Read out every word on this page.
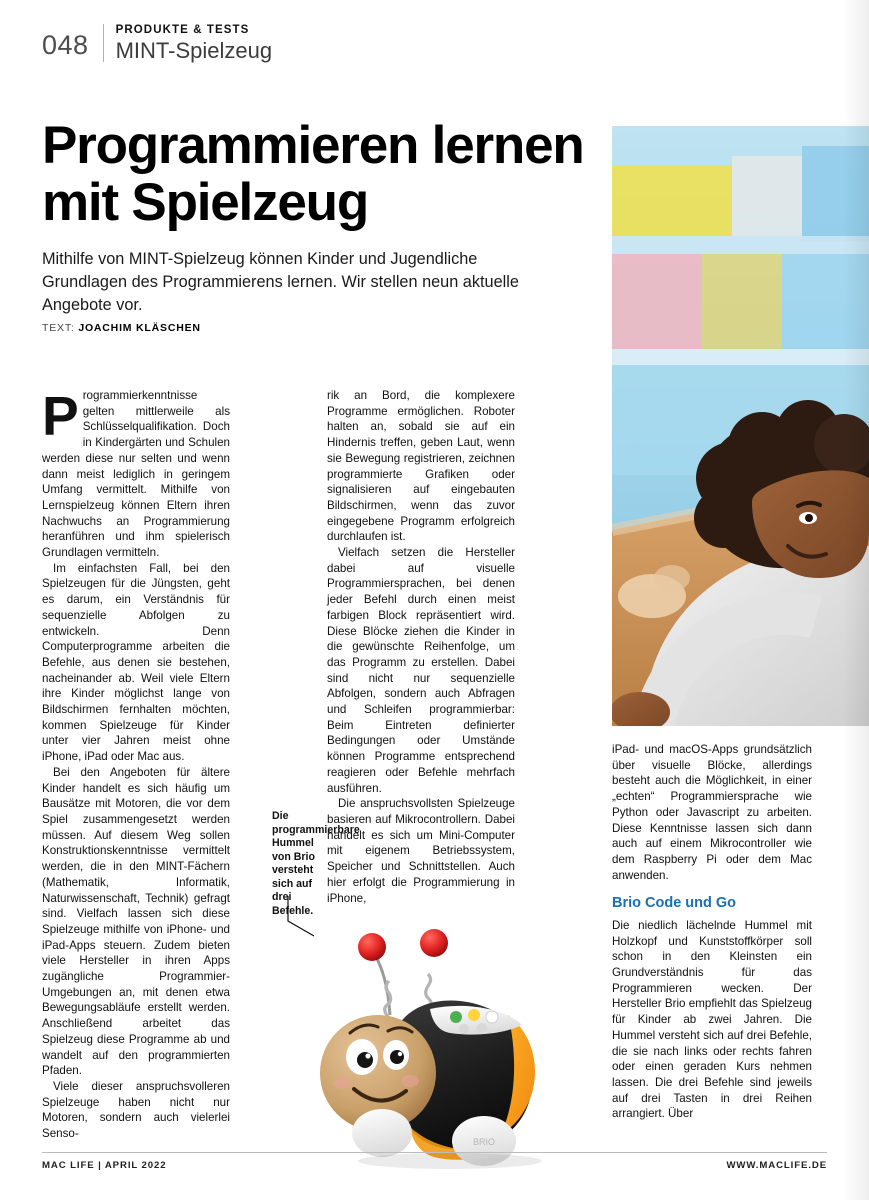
048	PRODUKTE & TESTS
MINT-Spielzeug
Programmieren lernen mit Spielzeug
Mithilfe von MINT-Spielzeug können Kinder und Jugendliche Grundlagen des Programmierens lernen. Wir stellen neun aktuelle Angebote vor.
TEXT: JOACHIM KLÄSCHEN

Programmierkenntnisse gelten mittlerweile als Schlüsselqualifikation. Doch in Kindergärten und Schulen werden diese nur selten und wenn dann meist lediglich in geringem Umfang vermittelt. Mithilfe von Lernspielzeug können Eltern ihren Nachwuchs an Programmierung heranführen und ihm spielerisch Grundlagen vermitteln.

Im einfachsten Fall, bei den Spielzeugen für die Jüngsten, geht es darum, ein Verständnis für sequenzielle Abfolgen zu entwickeln. Denn Computerprogramme arbeiten die Befehle, aus denen sie bestehen, nacheinander ab. Weil viele Eltern ihre Kinder möglichst lange von Bildschirmen fernhalten möchten, kommen Spielzeuge für Kinder unter vier Jahren meist ohne iPhone, iPad oder Mac aus.

Bei den Angeboten für ältere Kinder handelt es sich häufig um Bausätze mit Motoren, die vor dem Spiel zusammengesetzt werden müssen. Auf diesem Weg sollen Konstruktionskenntnisse vermittelt werden, die in den MINT-Fächern (Mathematik, Informatik, Naturwissenschaft, Technik) gefragt sind. Vielfach lassen sich diese Spielzeuge mithilfe von iPhone- und iPad-Apps steuern. Zudem bieten viele Hersteller in ihren Apps zugängliche Programmier-Umgebungen an, mit denen etwa Bewegungsabläufe erstellt werden. Anschließend arbeitet das Spielzeug diese Programme ab und wandelt auf den programmierten Pfaden.

Viele dieser anspruchsvolleren Spielzeuge haben nicht nur Motoren, sondern auch vielerlei Senso-

rik an Bord, die komplexere Programme ermöglichen. Roboter halten an, sobald sie auf ein Hindernis treffen, geben Laut, wenn sie Bewegung registrieren, zeichnen programmierte Grafiken oder signalisieren auf eingebauten Bildschirmen, wenn das zuvor eingegebene Programm erfolgreich durchlaufen ist.

Vielfach setzen die Hersteller dabei auf visuelle Programmiersprachen, bei denen jeder Befehl durch einen meist farbigen Block repräsentiert wird. Diese Blöcke ziehen die Kinder in die gewünschte Reihenfolge, um das Programm zu erstellen. Dabei sind nicht nur sequenzielle Abfolgen, sondern auch Abfragen und Schleifen programmierbar: Beim Eintreten definierter Bedingungen oder Umstände können Programme entsprechend reagieren oder Befehle mehrfach ausführen.

Die anspruchsvollsten Spielzeuge basieren auf Mikrocontrollern. Dabei handelt es sich um Mini-Computer mit eigenem Betriebssystem, Speicher und Schnittstellen. Auch hier erfolgt die Programmierung in iPhone,

iPad- und macOS-Apps grundsätzlich über visuelle Blöcke, allerdings besteht auch die Möglichkeit, in einer „echten“ Programmiersprache wie Python oder Javascript zu arbeiten. Diese Kenntnisse lassen sich dann auch auf einem Mikrocontroller wie dem Raspberry Pi oder dem Mac anwenden.

Brio Code und Go

Die niedlich lächelnde Hummel mit Holzkopf und Kunststoffkörper soll schon in den Kleinsten ein Grundverständnis für das Programmieren wecken. Der Hersteller Brio empfiehlt das Spielzeug für Kinder ab zwei Jahren. Die Hummel versteht sich auf drei Befehle, die sie nach links oder rechts fahren oder einen geraden Kurs nehmen lassen. Die drei Befehle sind jeweils auf drei Tasten in drei Reihen arrangiert. Über

Die programmierbare Hummel von Brio versteht sich auf drei Befehle.
BRIO
MAC LIFE | APRIL 2022	WWW.MACLIFE.DE
